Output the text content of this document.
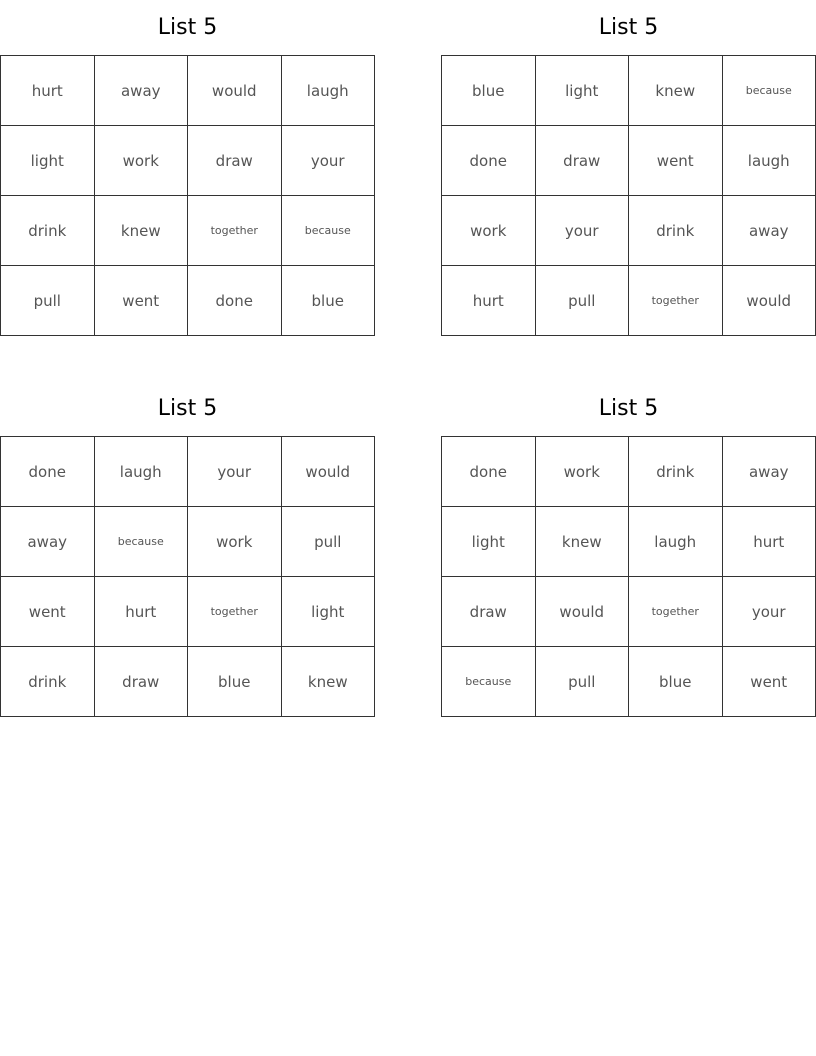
List 5
hurt	away	would	laugh
light	work	draw	your
drink	knew	together	because
pull	went	done	blue
List 5
blue	light	knew	because
done	draw	went	laugh
work	your	drink	away
hurt	pull	together	would
List 5
done	laugh	your	would
away	because	work	pull
went	hurt	together	light
drink	draw	blue	knew
List 5
done	work	drink	away
light	knew	laugh	hurt
draw	would	together	your
because	pull	blue	went
